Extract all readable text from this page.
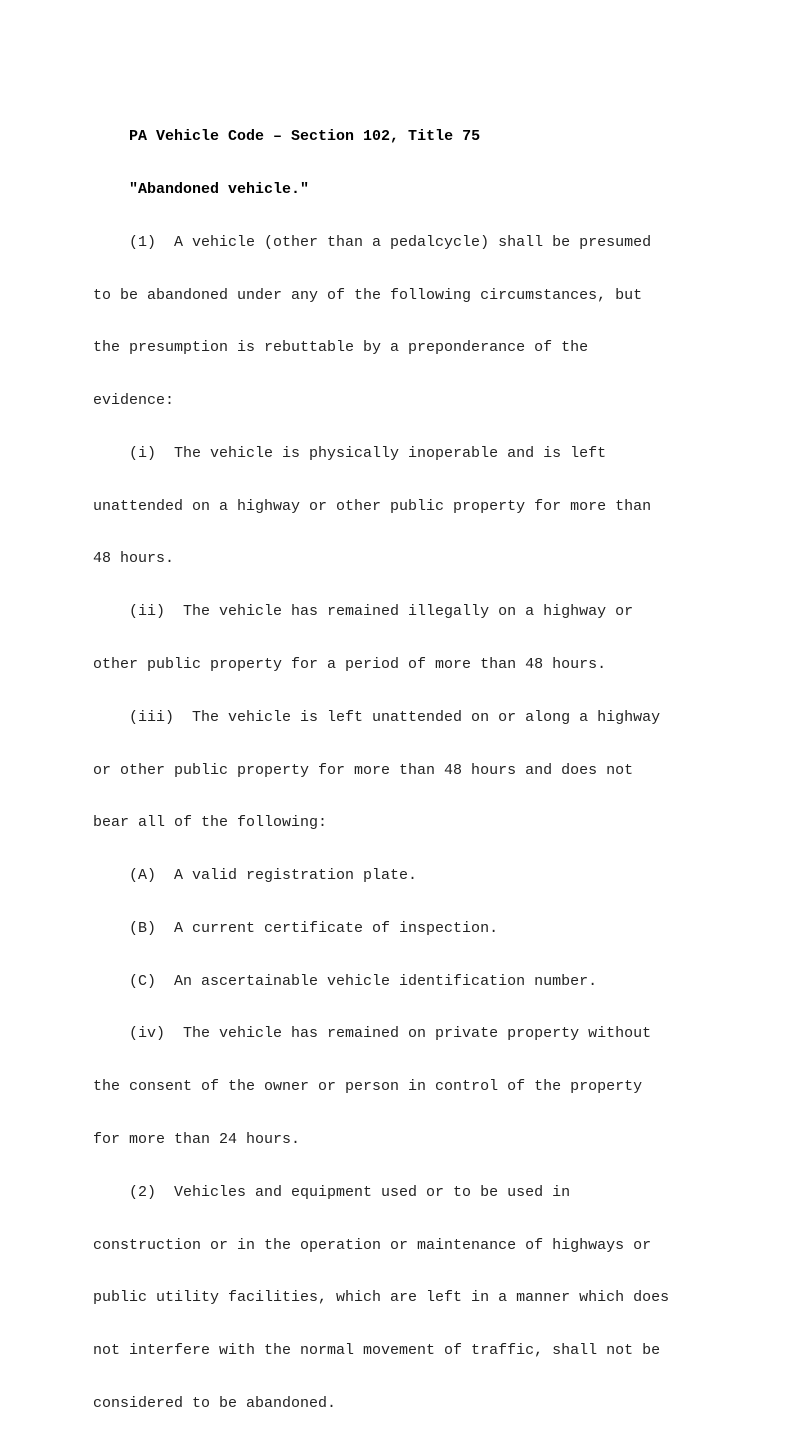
PA Vehicle Code – Section 102, Title 75

"Abandoned vehicle."

(1)  A vehicle (other than a pedalcycle) shall be presumed

to be abandoned under any of the following circumstances, but

the presumption is rebuttable by a preponderance of the

evidence:

(i)  The vehicle is physically inoperable and is left

unattended on a highway or other public property for more than

48 hours.

(ii)  The vehicle has remained illegally on a highway or

other public property for a period of more than 48 hours.

(iii)  The vehicle is left unattended on or along a highway

or other public property for more than 48 hours and does not

bear all of the following:

(A)  A valid registration plate.

(B)  A current certificate of inspection.

(C)  An ascertainable vehicle identification number.

(iv)  The vehicle has remained on private property without

the consent of the owner or person in control of the property

for more than 24 hours.

(2)  Vehicles and equipment used or to be used in

construction or in the operation or maintenance of highways or

public utility facilities, which are left in a manner which does

not interfere with the normal movement of traffic, shall not be

considered to be abandoned.
